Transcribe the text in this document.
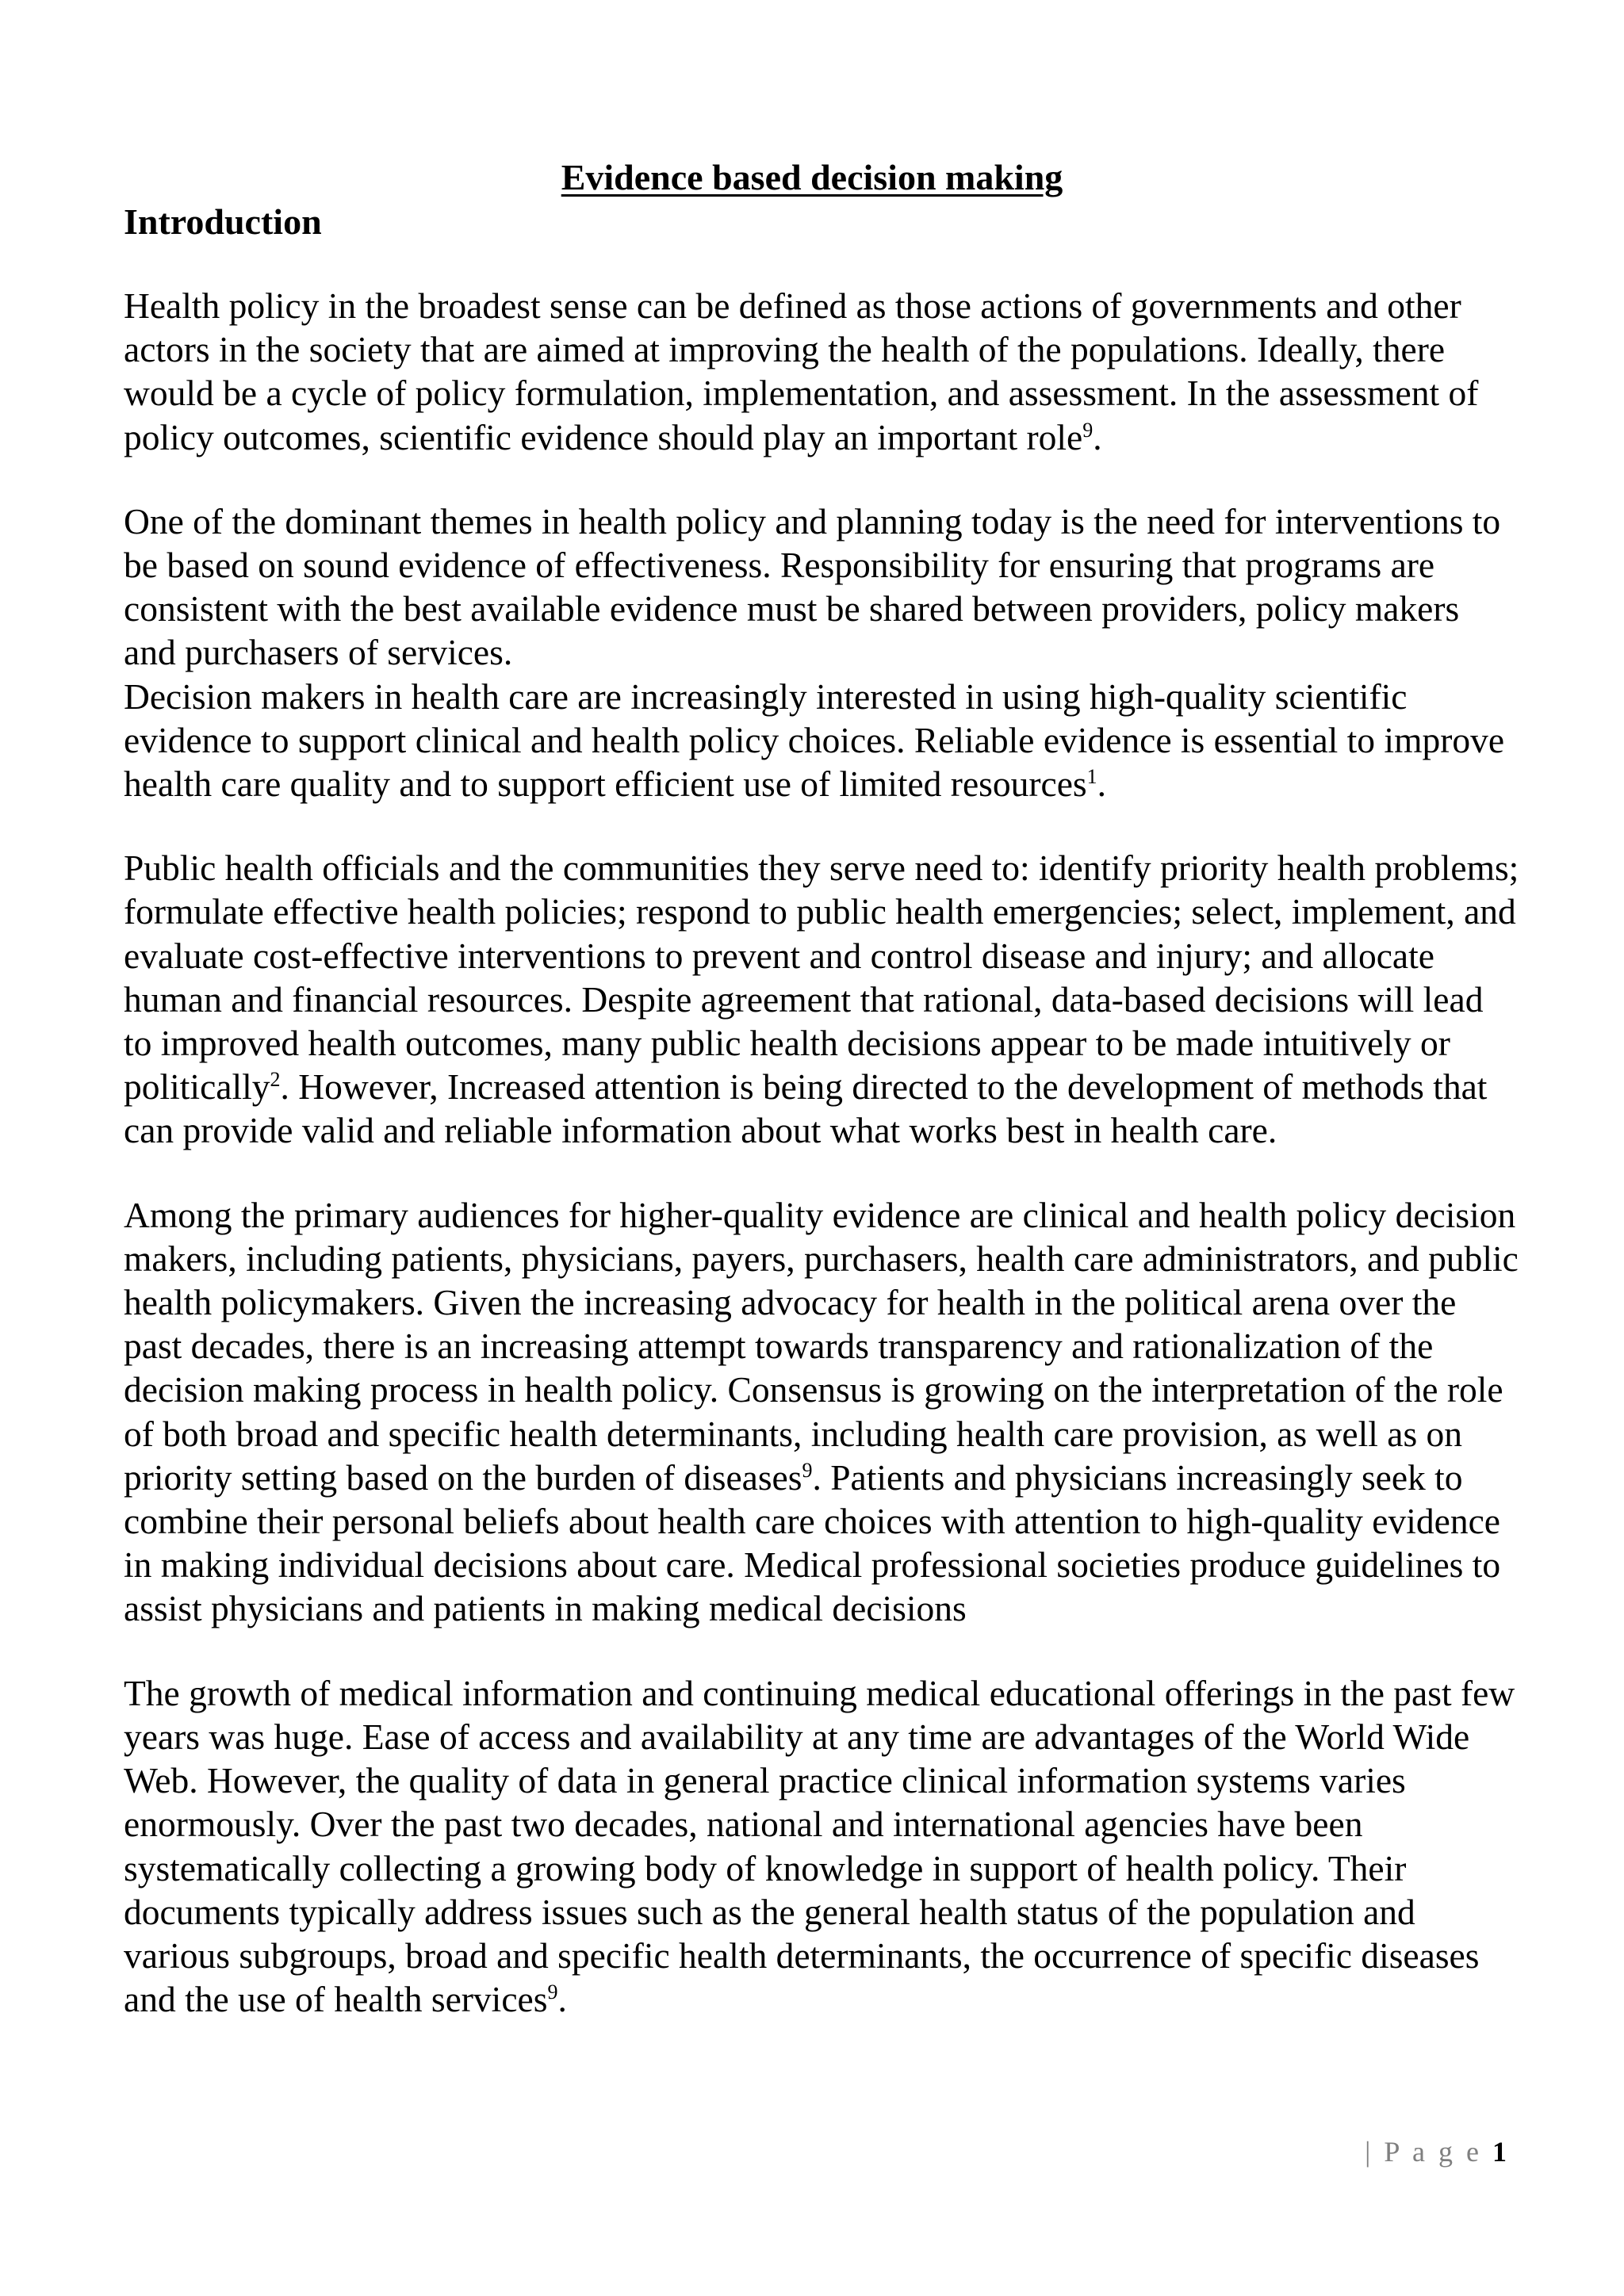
Evidence based decision making
Introduction

Health policy in the broadest sense can be defined as those actions of governments and other actors in the society that are aimed at improving the health of the populations. Ideally, there would be a cycle of policy formulation, implementation, and assessment. In the assessment of policy outcomes, scientific evidence should play an important role$^9$.

One of the dominant themes in health policy and planning today is the need for interventions to be based on sound evidence of effectiveness. Responsibility for ensuring that programs are consistent with the best available evidence must be shared between providers, policy makers and purchasers of services.

Decision makers in health care are increasingly interested in using high-quality scientific evidence to support clinical and health policy choices. Reliable evidence is essential to improve health care quality and to support efficient use of limited resources$^1$.

Public health officials and the communities they serve need to: identify priority health problems; formulate effective health policies; respond to public health emergencies; select, implement, and evaluate cost-effective interventions to prevent and control disease and injury; and allocate human and financial resources. Despite agreement that rational, data-based decisions will lead to improved health outcomes, many public health decisions appear to be made intuitively or politically$^2$. However, Increased attention is being directed to the development of methods that can provide valid and reliable information about what works best in health care.

Among the primary audiences for higher-quality evidence are clinical and health policy decision makers, including patients, physicians, payers, purchasers, health care administrators, and public health policymakers. Given the increasing advocacy for health in the political arena over the past decades, there is an increasing attempt towards transparency and rationalization of the decision making process in health policy. Consensus is growing on the interpretation of the role of both broad and specific health determinants, including health care provision, as well as on priority setting based on the burden of diseases$^9$. Patients and physicians increasingly seek to combine their personal beliefs about health care choices with attention to high-quality evidence in making individual decisions about care. Medical professional societies produce guidelines to assist physicians and patients in making medical decisions

The growth of medical information and continuing medical educational offerings in the past few years was huge. Ease of access and availability at any time are advantages of the World Wide Web. However, the quality of data in general practice clinical information systems varies enormously. Over the past two decades, national and international agencies have been systematically collecting a growing body of knowledge in support of health policy. Their documents typically address issues such as the general health status of the population and various subgroups, broad and specific health determinants, the occurrence of specific diseases and the use of health services$^9$.

| P a g e 1
